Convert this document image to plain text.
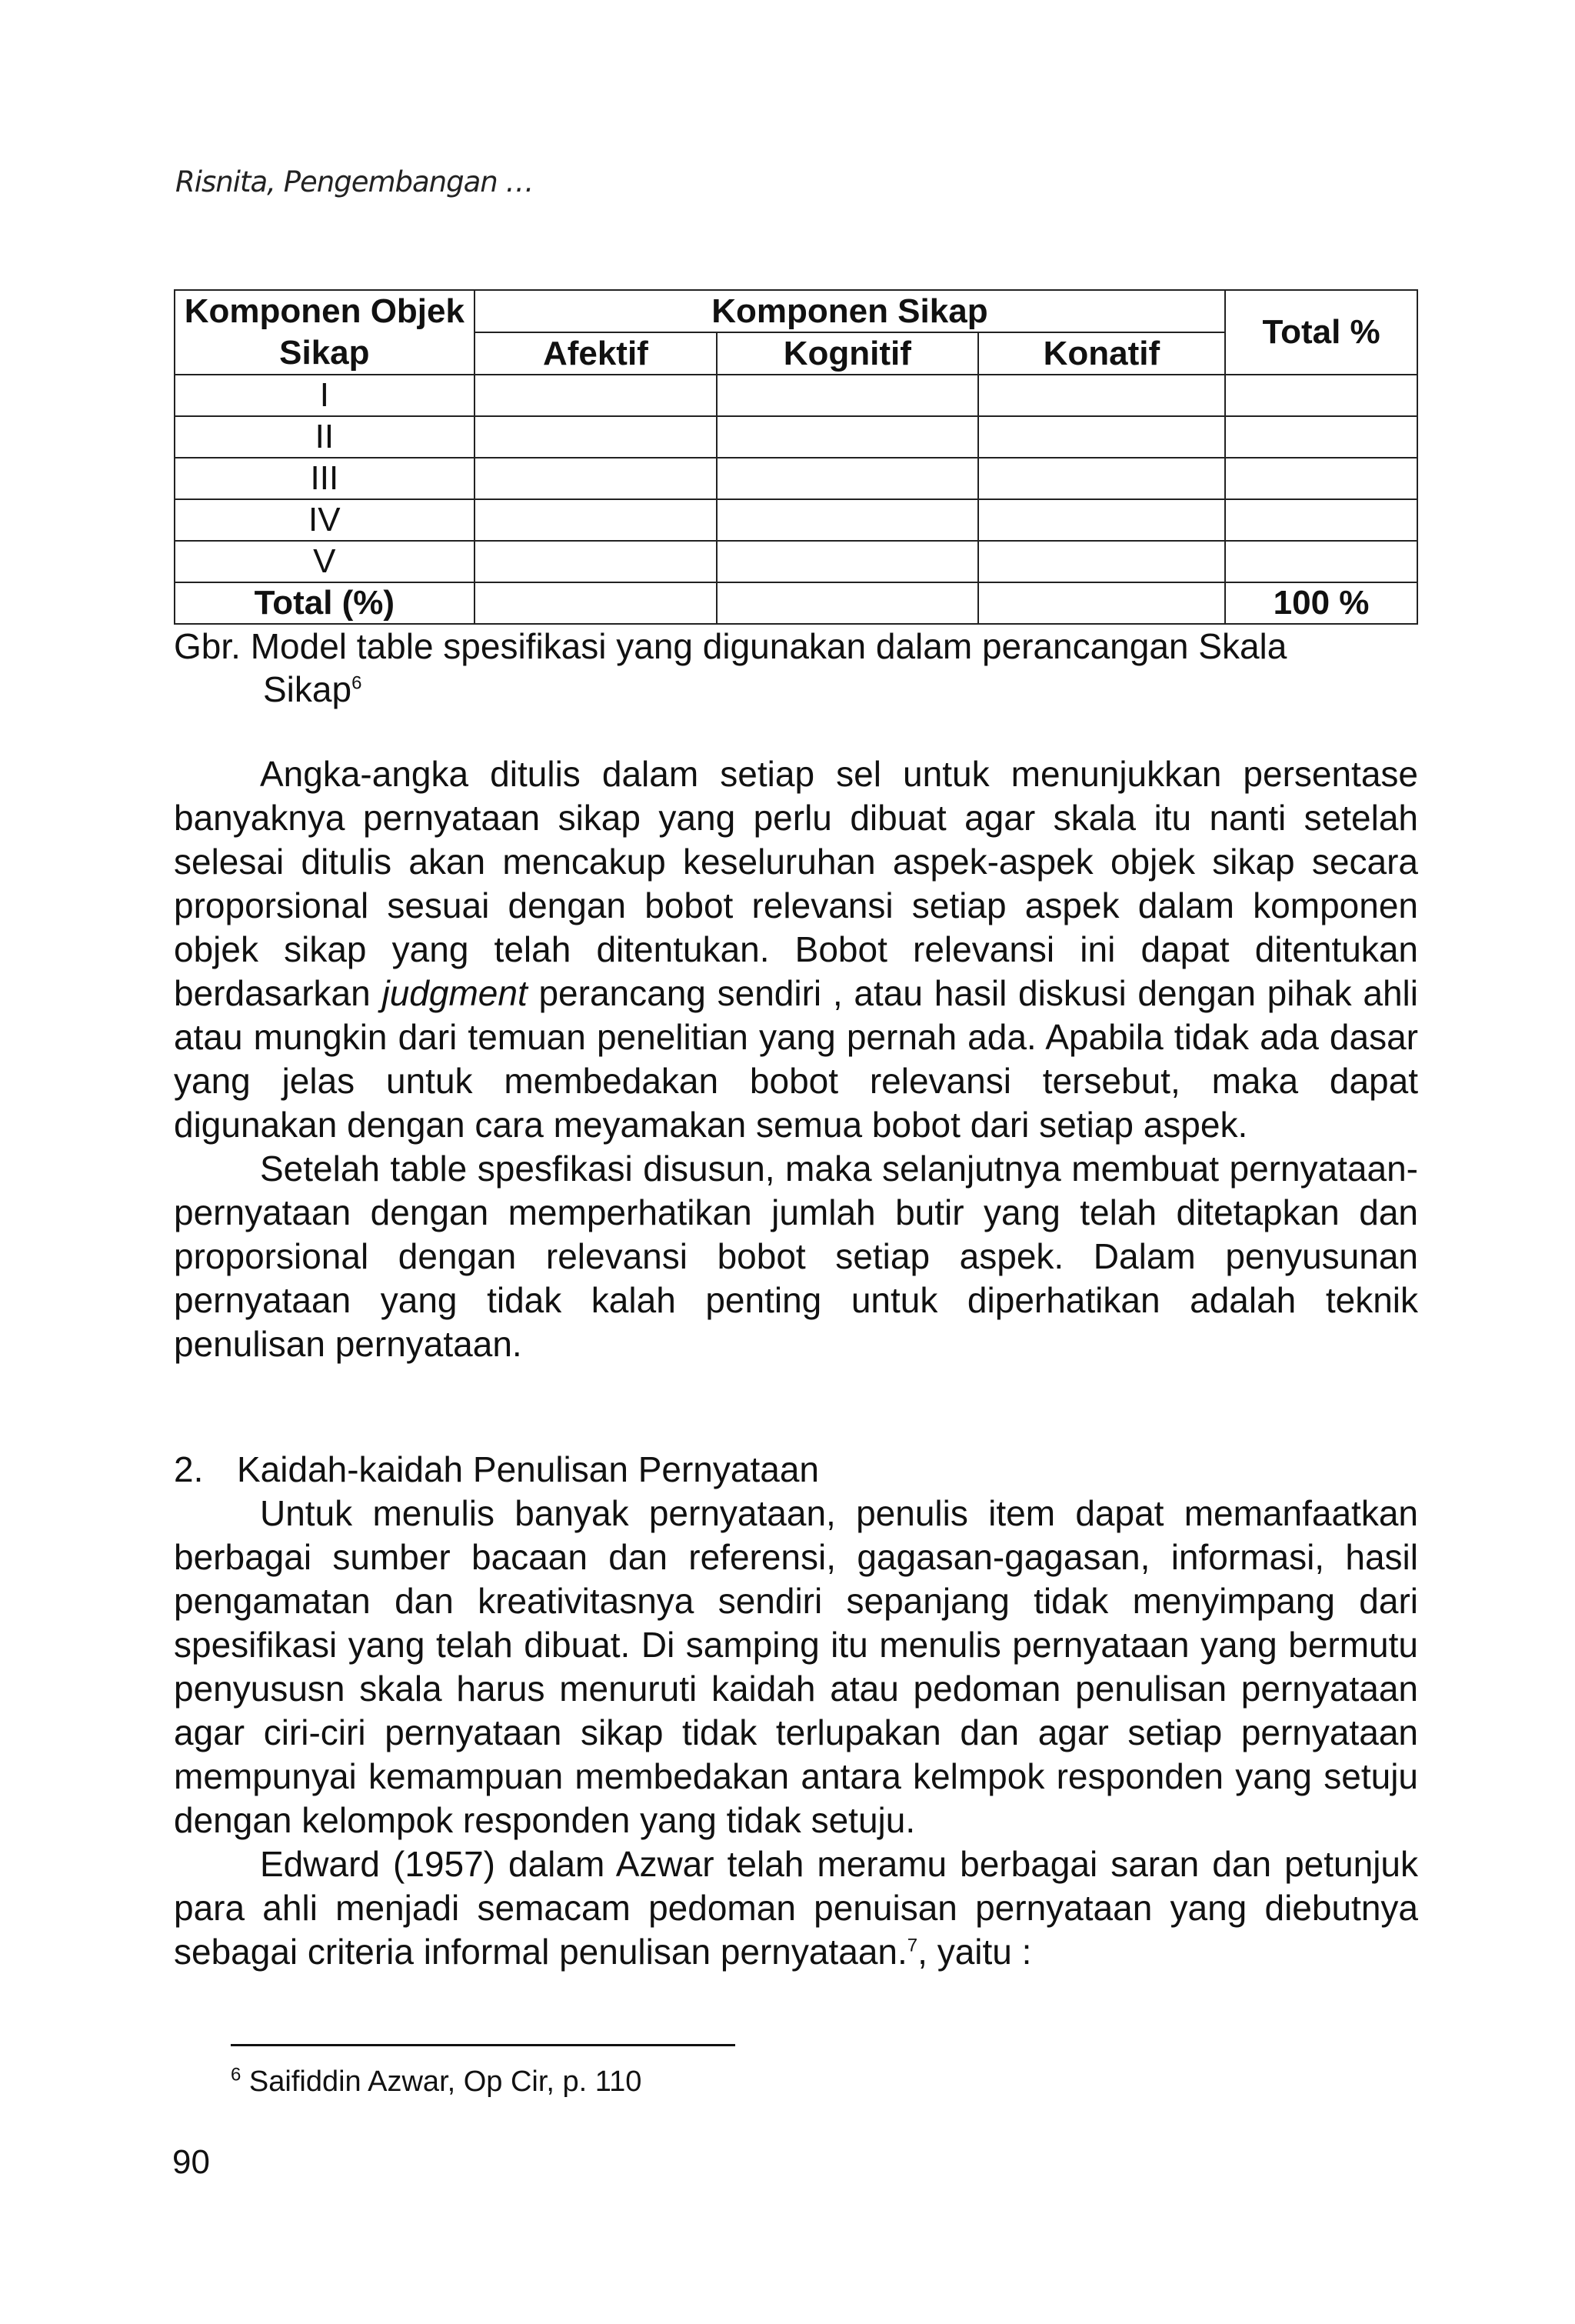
Risnita, Pengembangan …
Komponen Objek Sikap	Komponen Sikap			Total %
	Afektif	Kognitif	Konatif	
I				
II				
III				
IV				
V				
Total (%)				100 %
Gbr. Model table spesifikasi yang digunakan dalam perancangan Skala
Sikap$^6$

Angka-angka ditulis dalam setiap sel untuk menunjukkan persentase banyaknya pernyataan sikap yang perlu dibuat agar skala itu nanti setelah selesai ditulis akan mencakup keseluruhan aspek-aspek objek sikap secara proporsional sesuai dengan bobot relevansi setiap aspek dalam komponen objek sikap yang telah ditentukan. Bobot relevansi ini dapat ditentukan berdasarkan judgment perancang sendiri , atau hasil diskusi dengan pihak ahli atau mungkin dari temuan penelitian yang pernah ada. Apabila tidak ada dasar yang jelas untuk membedakan bobot relevansi tersebut, maka dapat digunakan dengan cara meyamakan semua bobot dari setiap aspek.

Setelah table spesfikasi disusun, maka selanjutnya membuat pernyataan-pernyataan dengan memperhatikan jumlah butir yang telah ditetapkan dan proporsional dengan relevansi bobot setiap aspek. Dalam penyusunan pernyataan yang tidak kalah penting untuk diperhatikan adalah teknik penulisan pernyataan.

2. Kaidah-kaidah Penulisan Pernyataan

Untuk menulis banyak pernyataan, penulis item dapat memanfaatkan berbagai sumber bacaan dan referensi, gagasan-gagasan, informasi, hasil pengamatan dan kreativitasnya sendiri sepanjang tidak menyimpang dari spesifikasi yang telah dibuat. Di samping itu menulis pernyataan yang bermutu penyususn skala harus menuruti kaidah atau pedoman penulisan pernyataan agar ciri-ciri pernyataan sikap tidak terlupakan dan agar setiap pernyataan mempunyai kemampuan membedakan antara kelmpok responden yang setuju dengan kelompok responden yang tidak setuju.

Edward (1957) dalam Azwar telah meramu berbagai saran dan petunjuk para ahli menjadi semacam pedoman penuisan pernyataan yang diebutnya sebagai criteria informal penulisan pernyataan.$^7$, yaitu :

$^6$ Saifiddin Azwar, Op Cir, p. 110
90
